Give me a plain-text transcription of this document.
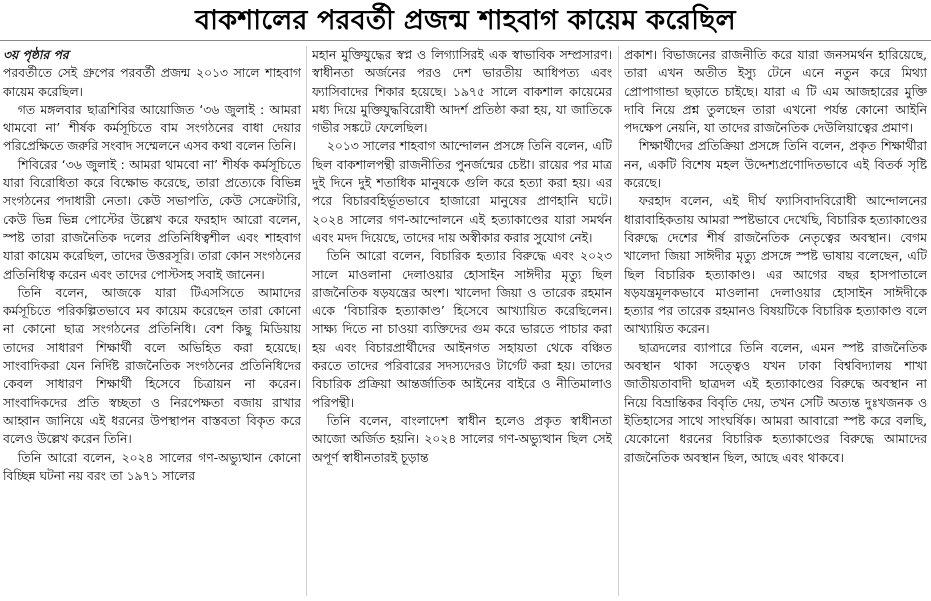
বাকশালের পরবর্তী প্রজন্ম শাহবাগ কায়েম করেছিল
৩য় পৃষ্ঠার পর

পরবর্তীতে সেই গ্রুপের পরবর্তী প্রজন্ম ২০১৩ সালে শাহবাগ কায়েম করেছিল।

গত মঙ্গলবার ছাত্রশিবির আয়োজিত ‘৩৬ জুলাই : আমরা থামবো না’ শীর্ষক কর্মসূচিতে বাম সংগঠনের বাধা দেয়ার পরিপ্রেক্ষিতে জরুরি সংবাদ সম্মেলনে এসব কথা বলেন তিনি।

শিবিরের ‘৩৬ জুলাই : আমরা থামবো না’ শীর্ষক কর্মসূচিতে যারা বিরোধিতা করে বিক্ষোভ করেছে, তারা প্রত্যেকে বিভিন্ন সংগঠনের পদাধারী নেতা। কেউ সভাপতি, কেউ সেক্রেটারি, কেউ ভিন্ন ভিন্ন পোস্টের উল্লেখ করে ফরহাদ আরো বলেন, স্পষ্ট তারা রাজনৈতিক দলের প্রতিনিধিত্বশীল এবং শাহবাগ যারা কায়েম করেছিল, তাদের উত্তরসূরি। তারা কোন সংগঠনের প্রতিনিধিত্ব করেন এবং তাদের পোস্টসহ সবাই জানেন।

তিনি বলেন, আজকে যারা টিএসসিতে আমাদের কর্মসূচিতে পরিকল্পিতভাবে মব কায়েম করেছেন তারা কোনো না কোনো ছাত্র সংগঠনের প্রতিনিধি। বেশ কিছু মিডিয়ায় তাদের সাধারণ শিক্ষার্থী বলে অভিহিত করা হয়েছে। সাংবাদিকরা যেন নির্দিষ্ট রাজনৈতিক সংগঠনের প্রতিনিধিদের কেবল সাধারণ শিক্ষার্থী হিসেবে চিত্রায়ন না করেন। সাংবাদিকদের প্রতি স্বচ্ছতা ও নিরপেক্ষতা বজায় রাখার আহ্বান জানিয়ে এই ধরনের উপস্থাপন বাস্তবতা বিকৃত করে বলেও উল্লেখ করেন তিনি।

তিনি আরো বলেন, ২০২৪ সালের গণ-অভ্যুত্থান কোনো বিচ্ছিন্ন ঘটনা নয় বরং তা ১৯৭১ সালের

মহান মুক্তিযুদ্ধের স্বপ্ন ও লিগ্যাসিরই এক স্বাভাবিক সম্প্রসারণ। স্বাধীনতা অর্জনের পরও দেশ ভারতীয় আধিপত্য এবং ফ্যাসিবাদের শিকার হয়েছে। ১৯৭৫ সালে বাকশাল কায়েমের মধ্য দিয়ে মুক্তিযুদ্ধবিরোধী আদর্শ প্রতিষ্ঠা করা হয়, যা জাতিকে গভীর সঙ্কটে ফেলেছিল।

২০১৩ সালের শাহবাগ আন্দোলন প্রসঙ্গে তিনি বলেন, এটি ছিল বাকশালপন্থী রাজনীতির পুনর্জন্মের চেষ্টা। রায়ের পর মাত্র দুই দিনে দুই শতাধিক মানুষকে গুলি করে হত্যা করা হয়। এর পরে বিচারবহির্ভূতভাবে হাজারো মানুষের প্রাণহানি ঘটে। ২০২৪ সালের গণ-আন্দোলনে এই হত্যাকাণ্ডের যারা সমর্থন এবং মদদ দিয়েছে, তাদের দায় অস্বীকার করার সুযোগ নেই।

তিনি আরো বলেন, বিচারিক হত্যার বিরুদ্ধে এবং ২০২৩ সালে মাওলানা দেলাওয়ার হোসাইন সাঈদীর মৃত্যু ছিল রাজনৈতিক ষড়যন্ত্রের অংশ। খালেদা জিয়া ও তারেক রহমান একে ‘বিচারিক হত্যাকাণ্ড’ হিসেবে আখ্যায়িত করেছিলেন। সাক্ষ্য দিতে না চাওয়া ব্যক্তিদের গুম করে ভারতে পাচার করা হয় এবং বিচারপ্রার্থীদের আইনগত সহায়তা থেকে বঞ্চিত করতে তাদের পরিবারের সদস্যদেরও টার্গেট করা হয়। তাদের বিচারিক প্রক্রিয়া আন্তর্জাতিক আইনের বাইরে ও নীতিমালাও পরিপন্থী।

তিনি বলেন, বাংলাদেশ স্বাধীন হলেও প্রকৃত স্বাধীনতা আজো অর্জিত হয়নি। ২০২৪ সালের গণ-অভ্যুত্থান ছিল সেই অপূর্ণ স্বাধীনতারই চূড়ান্ত

প্রকাশ। বিভাজনের রাজনীতি করে যারা জনসমর্থন হারিয়েছে, তারা এখন অতীত ইস্যু টেনে এনে নতুন করে মিথ্যা প্রোপাগান্ডা ছড়াতে চাইছে। যারা এ টি এম আজহারের মুক্তি দাবি নিয়ে প্রশ্ন তুলছেন তারা এখনো পর্যন্ত কোনো আইনি পদক্ষেপ নেয়নি, যা তাদের রাজনৈতিক দেউলিয়াত্বের প্রমাণ।

শিক্ষার্থীদের প্রতিক্রিয়া প্রসঙ্গে তিনি বলেন, প্রকৃত শিক্ষার্থীরা নন, একটি বিশেষ মহল উদ্দেশ্যপ্রণোদিতভাবে এই বিতর্ক সৃষ্টি করেছে।

ফরহাদ বলেন, এই দীর্ঘ ফ্যাসিবাদবিরোধী আন্দোলনের ধারাবাহিকতায় আমরা স্পষ্টভাবে দেখেছি, বিচারিক হত্যাকাণ্ডের বিরুদ্ধে দেশের শীর্ষ রাজনৈতিক নেতৃত্বের অবস্থান। বেগম খালেদা জিয়া সাঈদীর মৃত্যু প্রসঙ্গে স্পষ্ট ভাষায় বলেছেন, এটি ছিল বিচারিক হত্যাকাণ্ড। এর আগের বছর হাসপাতালে ষড়যন্ত্রমূলকভাবে মাওলানা দেলাওয়ার হোসাইন সাঈদীকে হত্যার পর তারেক রহমানও বিষয়টিকে বিচারিক হত্যাকাণ্ড বলে আখ্যায়িত করেন।

ছাত্রদলের ব্যাপারে তিনি বলেন, এমন স্পষ্ট রাজনৈতিক অবস্থান থাকা সত্ত্বেও যখন ঢাকা বিশ্ববিদ্যালয় শাখা জাতীয়তাবাদী ছাত্রদল এই হত্যাকাণ্ডের বিরুদ্ধে অবস্থান না নিয়ে বিভ্রান্তিকর বিবৃতি দেয়, তখন সেটি অত্যন্ত দুঃখজনক ও ইতিহাসের সাথে সাংঘর্ষিক। আমরা আবারো স্পষ্ট করে বলছি, যেকোনো ধরনের বিচারিক হত্যাকাণ্ডের বিরুদ্ধে আমাদের রাজনৈতিক অবস্থান ছিল, আছে এবং থাকবে।
